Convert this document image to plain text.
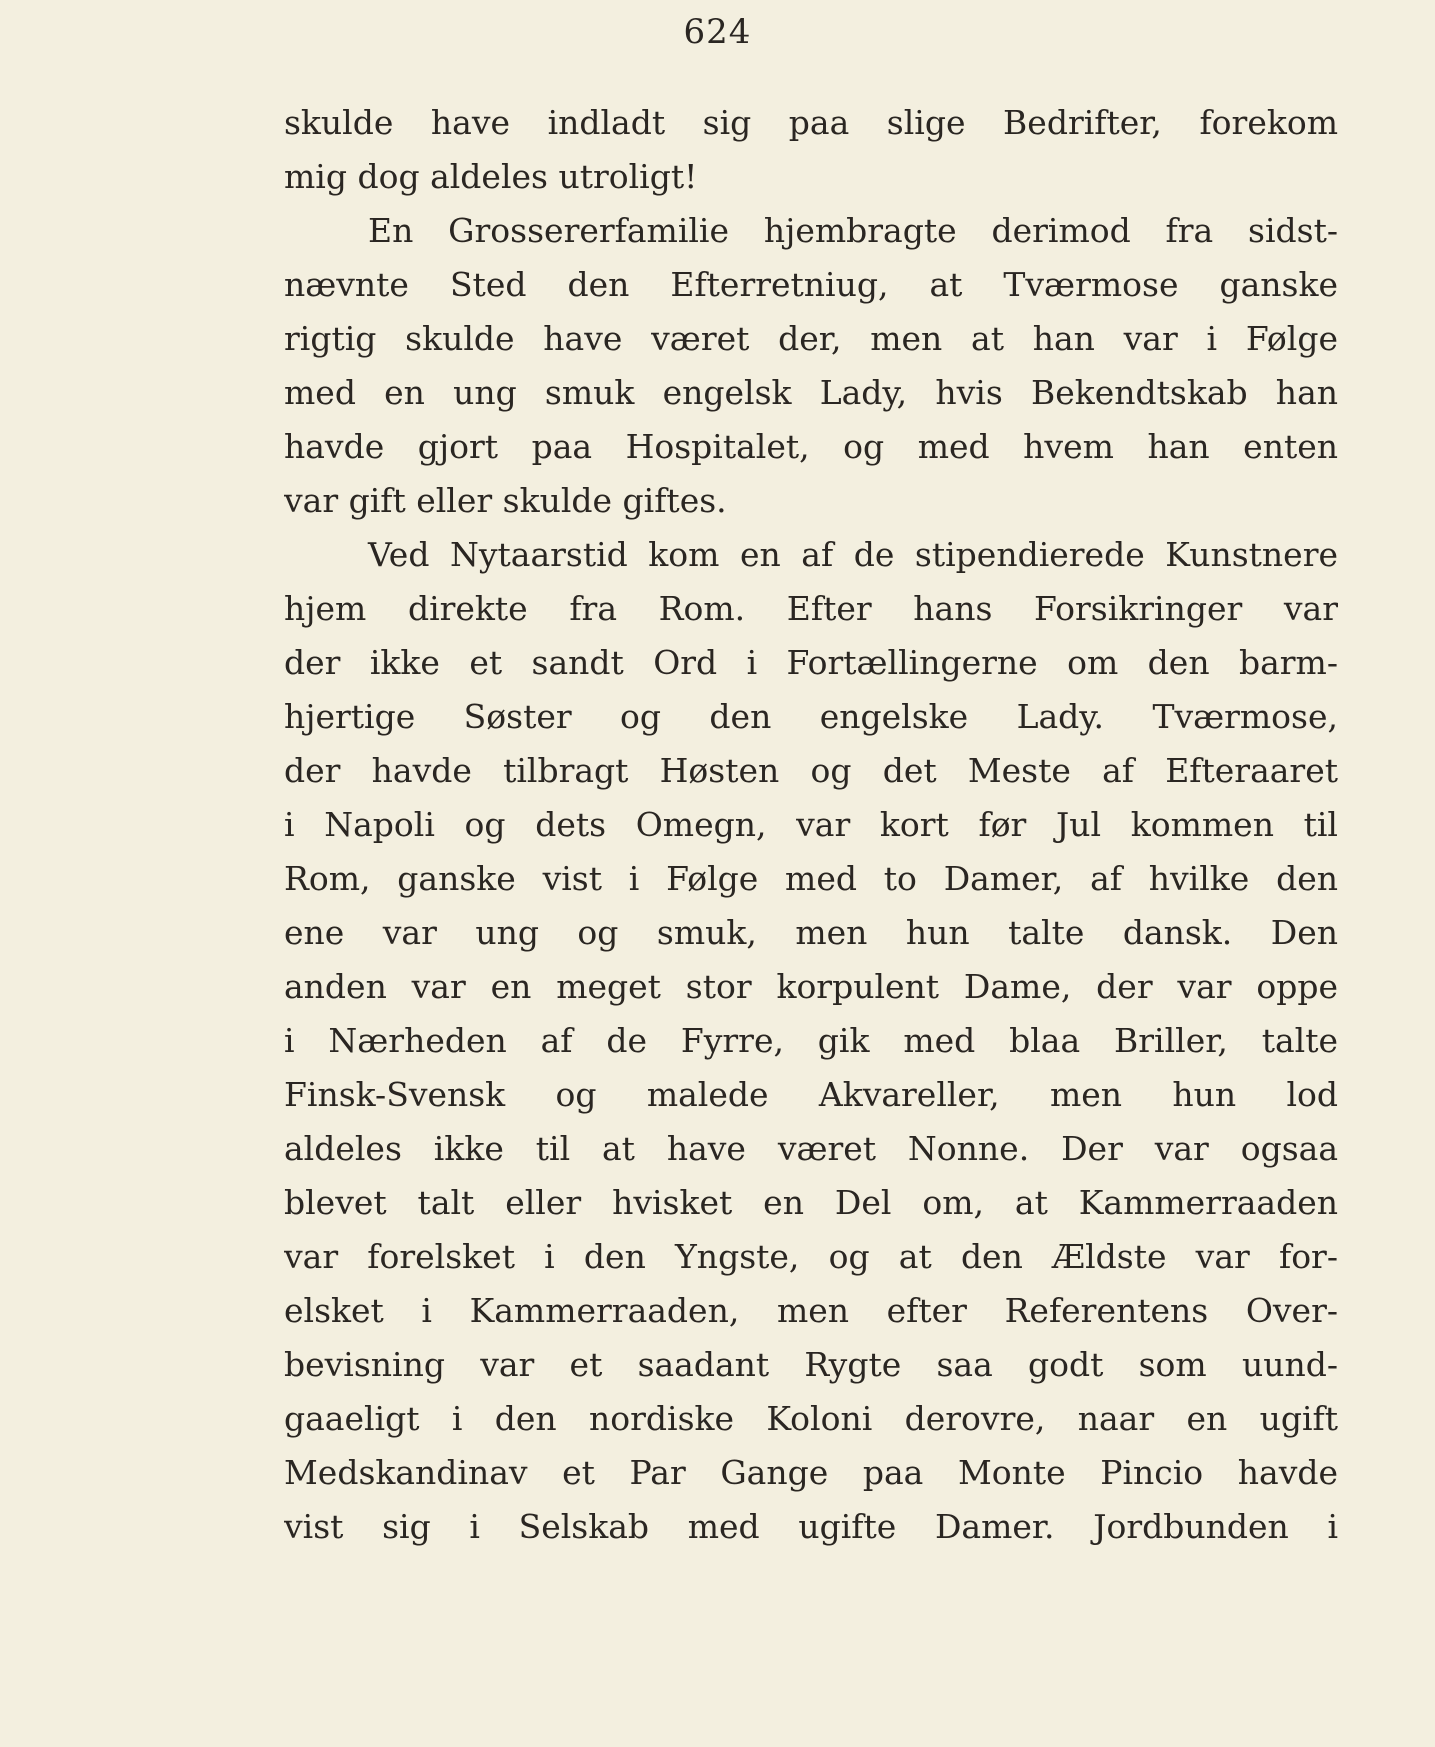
624
skulde have indladt sig paa slige Bedrifter, forekom
mig dog aldeles utroligt!
En Grossererfamilie hjembragte derimod fra sidst-
nævnte Sted den Efterretniug, at Tværmose ganske
rigtig skulde have været der, men at han var i Følge
med en ung smuk engelsk Lady, hvis Bekendtskab han
havde gjort paa Hospitalet, og med hvem han enten
var gift eller skulde giftes.
Ved Nytaarstid kom en af de stipendierede Kunstnere
hjem direkte fra Rom. Efter hans Forsikringer var
der ikke et sandt Ord i Fortællingerne om den barm-
hjertige Søster og den engelske Lady. Tværmose,
der havde tilbragt Høsten og det Meste af Efteraaret
i Napoli og dets Omegn, var kort før Jul kommen til
Rom, ganske vist i Følge med to Damer, af hvilke den
ene var ung og smuk, men hun talte dansk. Den
anden var en meget stor korpulent Dame, der var oppe
i Nærheden af de Fyrre, gik med blaa Briller, talte
Finsk-Svensk og malede Akvareller, men hun lod
aldeles ikke til at have været Nonne. Der var ogsaa
blevet talt eller hvisket en Del om, at Kammerraaden
var forelsket i den Yngste, og at den Ældste var for-
elsket i Kammerraaden, men efter Referentens Over-
bevisning var et saadant Rygte saa godt som uund-
gaaeligt i den nordiske Koloni derovre, naar en ugift
Medskandinav et Par Gange paa Monte Pincio havde
vist sig i Selskab med ugifte Damer. Jordbunden i
